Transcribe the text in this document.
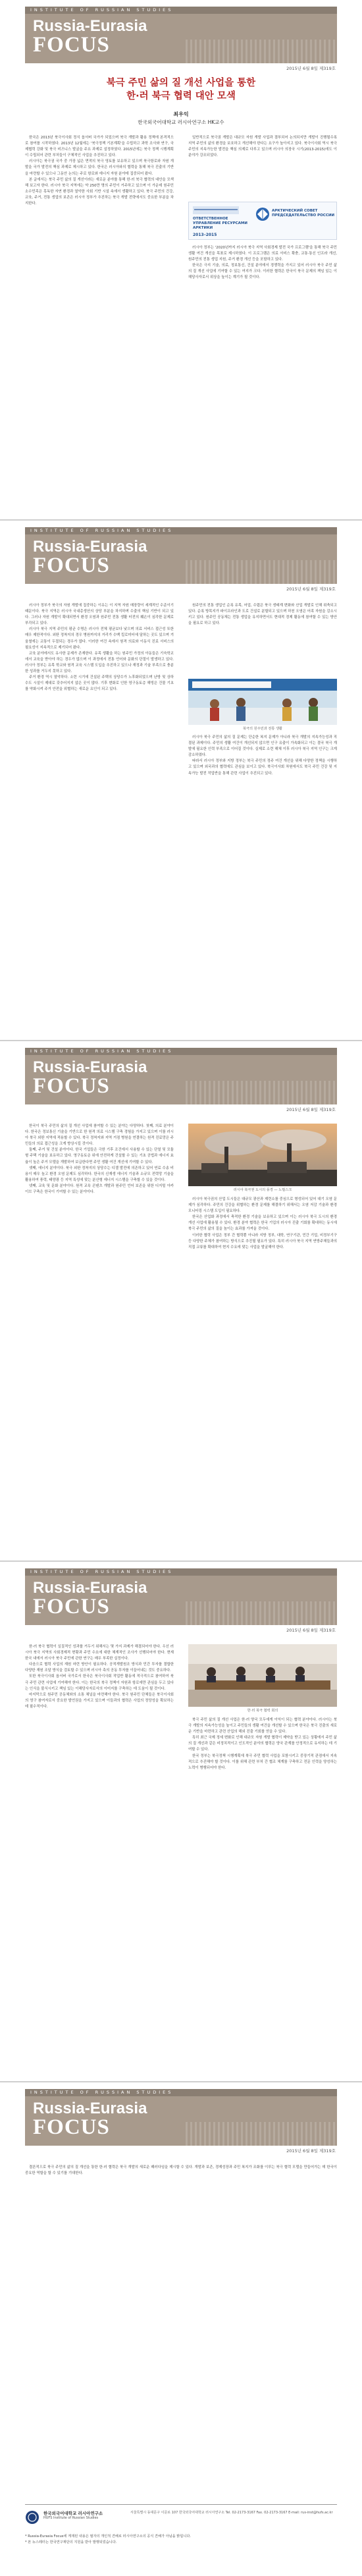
INSTITUTE OF RUSSIAN STUDIES
Russia-Eurasia
FOCUS
2015년 6월 8일 제319호
북극 주민 삶의 질 개선 사업을 통한
한·러 북극 협력 대안 모색
최우익
한국외국어대학교 러시아연구소 HK교수

한국은 2013년 북극이사회 정식 옵서버 국가가 되었으며 북극 개발과 활용 정책에 본격적으로 참여를 시작하였다. 2013년 12월에는 '북극정책 기본계획'을 수립하고 과학 조사와 연구, 국제협력 강화 및 북극 비즈니스 발굴을 주요 과제로 설정하였다. 2015년에는 북극 정책 시행계획이 수립되어 관련 부처들이 구체적인 사업을 추진하고 있다.

러시아는 북극권 국가 중 가장 넓은 면적의 북극 영토를 보유하고 있으며 북극항로와 자원 개발을 국가 발전의 핵심 과제로 제시하고 있다. 한국은 러시아와의 협력을 통해 북극 진출의 기반을 마련할 수 있으나 그동안 논의는 주로 항로와 에너지 자원 분야에 집중되어 왔다.

본 글에서는 북극 주민 삶의 질 개선이라는 새로운 분야를 통해 한·러 북극 협력의 대안을 모색해 보고자 한다. 러시아 북극 지역에는 약 250만 명의 주민이 거주하고 있으며 이 가운데 원주민 소수민족은 혹독한 자연 환경과 열악한 사회 기반 시설 속에서 생활하고 있다. 북극 주민의 건강, 교육, 주거, 전통 생업의 보존은 러시아 정부가 추진하는 북극 개발 전략에서도 중요한 부분을 차지한다.

일반적으로 북극권 개발은 대규모 자원 개발 사업과 결부되어 논의되지만 개발이 진행될수록 지역 주민의 삶의 환경을 보호하고 개선해야 한다는 요구가 높아지고 있다. 북극이사회 역시 북극 주민의 지속가능한 발전을 핵심 의제로 다루고 있으며 러시아 의장국 시기(2013-2015)에도 이 분야가 강조되었다.

ОТВЕТСТВЕННОЕ УПРАВЛЕНИЕ РЕСУРСАМИ АРКТИКИ
АРКТИЧЕСКИЙ СОВЕТ ПРЕДСЕДАТЕЛЬСТВО РОССИИ
2013–2015

러시아 정부는 '2020년까지 러시아 북극 지역 사회경제 발전 국가 프로그램'을 통해 북극 주민 생활 여건 개선을 목표로 제시하였다. 이 프로그램은 의료 서비스 확충, 교통·통신 인프라 개선, 원주민의 전통 생업 지원, 주거 환경 개선 등을 포함하고 있다.

한국은 극지 기술, 의료, 정보통신, 건설 분야에서 경쟁력을 가지고 있어 러시아 북극 주민 삶의 질 개선 사업에 기여할 수 있는 여지가 크다. 이러한 협력은 한국이 북극 문제의 책임 있는 이해당사자로서 위상을 높이는 계기가 될 것이다.

INSTITUTE OF RUSSIAN STUDIES
Russia-Eurasia
FOCUS
2015년 6월 8일 제319호

러시아 정부가 북극의 자원 개발에 집중하는 이유는 이 지역 자원 매장량이 세계적인 수준이기 때문이다. 북극 지역은 러시아 국내총생산의 상당 부분을 차지하며 수출의 핵심 기반이 되고 있다. 그러나 자원 개발이 확대되면서 환경 오염과 원주민 전통 생활 터전의 훼손이 심각한 문제로 부각되고 있다.

러시아 북극 지역 주민의 평균 수명은 러시아 전체 평균보다 낮으며 의료 서비스 접근성 또한 매우 제한적이다. 외딴 정착지의 경우 병원까지의 거리가 수백 킬로미터에 달하는 곳도 있으며 겨울철에는 교통이 두절되는 경우가 많다. 이러한 여건 속에서 원격 의료와 이동식 진료 서비스의 필요성이 지속적으로 제기되어 왔다.

교육 분야에서도 유사한 문제가 존재한다. 유목 생활을 하는 원주민 가정의 아동들은 기숙학교에서 교육을 받아야 하는 경우가 많으며 이 과정에서 전통 언어와 문화의 단절이 발생하고 있다. 러시아 정부는 유목 학교와 원격 교육 시스템 도입을 추진하고 있으나 재정과 기술 부족으로 충분한 성과를 거두지 못하고 있다.

주거 환경 역시 열악하다. 소련 시기에 건설된 주택의 상당수가 노후화되었으며 난방 및 상하수도 시설이 제대로 갖추어지지 않은 곳이 많다. 기후 변화로 인한 영구동토층 해빙은 건물 기초를 약화시켜 주거 안전을 위협하는 새로운 요인이 되고 있다.

원주민의 전통 생업인 순록 유목, 어업, 수렵은 북극 생태계 변화와 산업 개발로 인해 위축되고 있다. 순록 방목지가 파이프라인과 도로 건설로 분할되고 있으며 하천 오염은 어족 자원을 감소시키고 있다. 원주민 공동체는 전통 생업을 유지하면서도 현대적 경제 활동에 참여할 수 있는 방안을 필요로 하고 있다.

북극의 원주민과 전통 생활

러시아 북극 주민의 삶의 질 문제는 단순한 복지 문제가 아니라 북극 개발의 지속가능성과 직결된 과제이다. 주민의 생활 여건이 개선되지 않으면 인구 유출이 가속화되고 이는 결국 북극 개발에 필요한 인력 부족으로 이어질 것이다. 실제로 소련 해체 이후 러시아 북극 지역 인구는 크게 감소하였다.

따라서 러시아 정부와 지방 정부는 북극 주민의 정주 여건 개선을 위해 다양한 정책을 시행하고 있으며 외국과의 협력에도 관심을 보이고 있다. 북극이사회 차원에서도 북극 주민 건강 및 지속가능 발전 작업반을 통해 관련 사업이 추진되고 있다.

INSTITUTE OF RUSSIAN STUDIES
Russia-Eurasia
FOCUS
2015년 6월 8일 제319호

한국이 북극 주민의 삶의 질 개선 사업에 참여할 수 있는 분야는 다양하다. 첫째, 의료 분야이다. 한국은 정보통신 기술을 기반으로 한 원격 의료 시스템 구축 경험을 가지고 있으며 이를 러시아 북극 외딴 지역에 적용할 수 있다. 북극 정착지와 지역 거점 병원을 연결하는 원격 진료망은 주민들의 의료 접근성을 크게 향상시킬 것이다.

둘째, 주거 및 건설 분야이다. 한국 기업들은 극한 기후 조건에서 사용할 수 있는 단열 및 모듈형 주택 기술을 보유하고 있다. 영구동토층 위에 안전하게 건설할 수 있는 기초 공법과 에너지 효율이 높은 주거 모델을 개발하여 보급한다면 주민 생활 여건 개선에 기여할 수 있다.

셋째, 에너지 분야이다. 북극 외딴 정착지의 상당수는 디젤 발전에 의존하고 있어 연료 수송 비용이 매우 높고 환경 오염 문제도 심각하다. 한국의 신재생 에너지 기술과 소규모 전력망 기술을 활용하여 풍력, 태양광 등 지역 특성에 맞는 분산형 에너지 시스템을 구축할 수 있을 것이다.

넷째, 교육 및 문화 분야이다. 원격 교육 콘텐츠 개발과 원주민 언어 보존을 위한 디지털 아카이브 구축은 한국이 기여할 수 있는 분야이다.

러시아 북극권 도시의 풍경 — 노릴스크

러시아 북극권의 산업 도시들은 대규모 광산과 제련소를 중심으로 형성되어 있어 대기 오염 문제가 심각하다. 주민의 건강을 위협하는 환경 문제를 해결하기 위해서는 오염 저감 기술과 환경 모니터링 시스템 도입이 필요하다.

한국은 산업화 과정에서 축적한 환경 기술을 보유하고 있으며 이는 러시아 북극 도시의 환경 개선 사업에 활용될 수 있다. 환경 분야 협력은 한국 기업의 러시아 진출 기회를 확대하는 동시에 북극 주민의 삶의 질을 높이는 효과를 가져올 것이다.

이러한 협력 사업은 정부 간 협력뿐 아니라 지방 정부, 대학, 연구기관, 민간 기업, 비정부기구 등 다양한 주체가 참여하는 방식으로 추진될 필요가 있다. 특히 러시아 북극 지역 연방주체들과의 직접 교류를 확대하여 현지 수요에 맞는 사업을 발굴해야 한다.

INSTITUTE OF RUSSIAN STUDIES
Russia-Eurasia
FOCUS
2015년 6월 8일 제319호

한·러 북극 협력이 실질적인 성과를 거두기 위해서는 몇 가지 과제가 해결되어야 한다. 우선 러시아 북극 지역의 사회경제적 현황과 주민 수요에 대한 체계적인 조사가 선행되어야 한다. 현재 한국 내에서 러시아 북극 주민에 관한 연구는 매우 부족한 실정이다.

다음으로 협력 사업의 재원 마련 방안이 필요하다. 공적개발원조 방식과 민간 투자를 결합한 다양한 재원 조달 방식을 검토할 수 있으며 러시아 측의 공동 투자를 이끌어내는 것도 중요하다.

또한 북극이사회 옵서버 국가로서 한국은 북극이사회 작업반 활동에 적극적으로 참여하여 북극 주민 관련 사업에 기여해야 한다. 이는 한국의 북극 정책이 자원과 항로에만 관심을 두고 있다는 인식을 불식시키고 책임 있는 이해당사자로서의 이미지를 구축하는 데 도움이 될 것이다.

마지막으로 원주민 공동체와의 소통 채널을 마련해야 한다. 북극 원주민 단체들은 북극이사회의 영구 참여자로서 중요한 발언권을 가지고 있으며 이들과의 협력은 사업의 정당성을 확보하는 데 필수적이다.

한·러 북극 협력 회의

북극 주민 삶의 질 개선 사업은 한·러 양국 모두에게 이익이 되는 협력 분야이다. 러시아는 북극 개발의 지속가능성을 높이고 주민들의 생활 여건을 개선할 수 있으며 한국은 북극 진출의 새로운 기반을 마련하고 관련 산업의 해외 진출 기회를 얻을 수 있다.

특히 최근 국제 정세 변화로 인해 대규모 자원 개발 협력이 제약을 받고 있는 상황에서 주민 삶의 질 개선과 같은 비정치적이고 인도적인 분야의 협력은 양국 관계를 안정적으로 유지하는 데 기여할 수 있다.

한국 정부는 북극정책 시행계획에 북극 주민 협력 사업을 포함시키고 중장기적 관점에서 지속적으로 추진해야 할 것이다. 이를 위해 관련 부처 간 협조 체계를 구축하고 전문 인력을 양성하는 노력이 병행되어야 한다.

INSTITUTE OF RUSSIAN STUDIES
Russia-Eurasia
FOCUS
2015년 6월 8일 제319호

결론적으로 북극 주민의 삶의 질 개선을 통한 한·러 협력은 북극 개발의 새로운 패러다임을 제시할 수 있다. 개발과 보존, 경제성장과 주민 복지가 조화를 이루는 북극 협력 모델을 만들어가는 데 한국이 중요한 역할을 할 수 있기를 기대한다.

한국외국어대학교 러시아연구소
HUFS Institute of Russian Studies
서울특별시 동대문구 이문로 107 한국외국어대학교 러시아연구소 Tel. 02-2173-3167 Fax. 02-2173-3167 E-mail: rus-inst@hufs.ac.kr
* Russia-Eurasia Focus에 게재된 내용은 필자의 개인적 견해로 러시아연구소의 공식 견해가 아님을 밝힙니다.
* 본 뉴스레터는 한국연구재단의 지원을 받아 발행되었습니다.
